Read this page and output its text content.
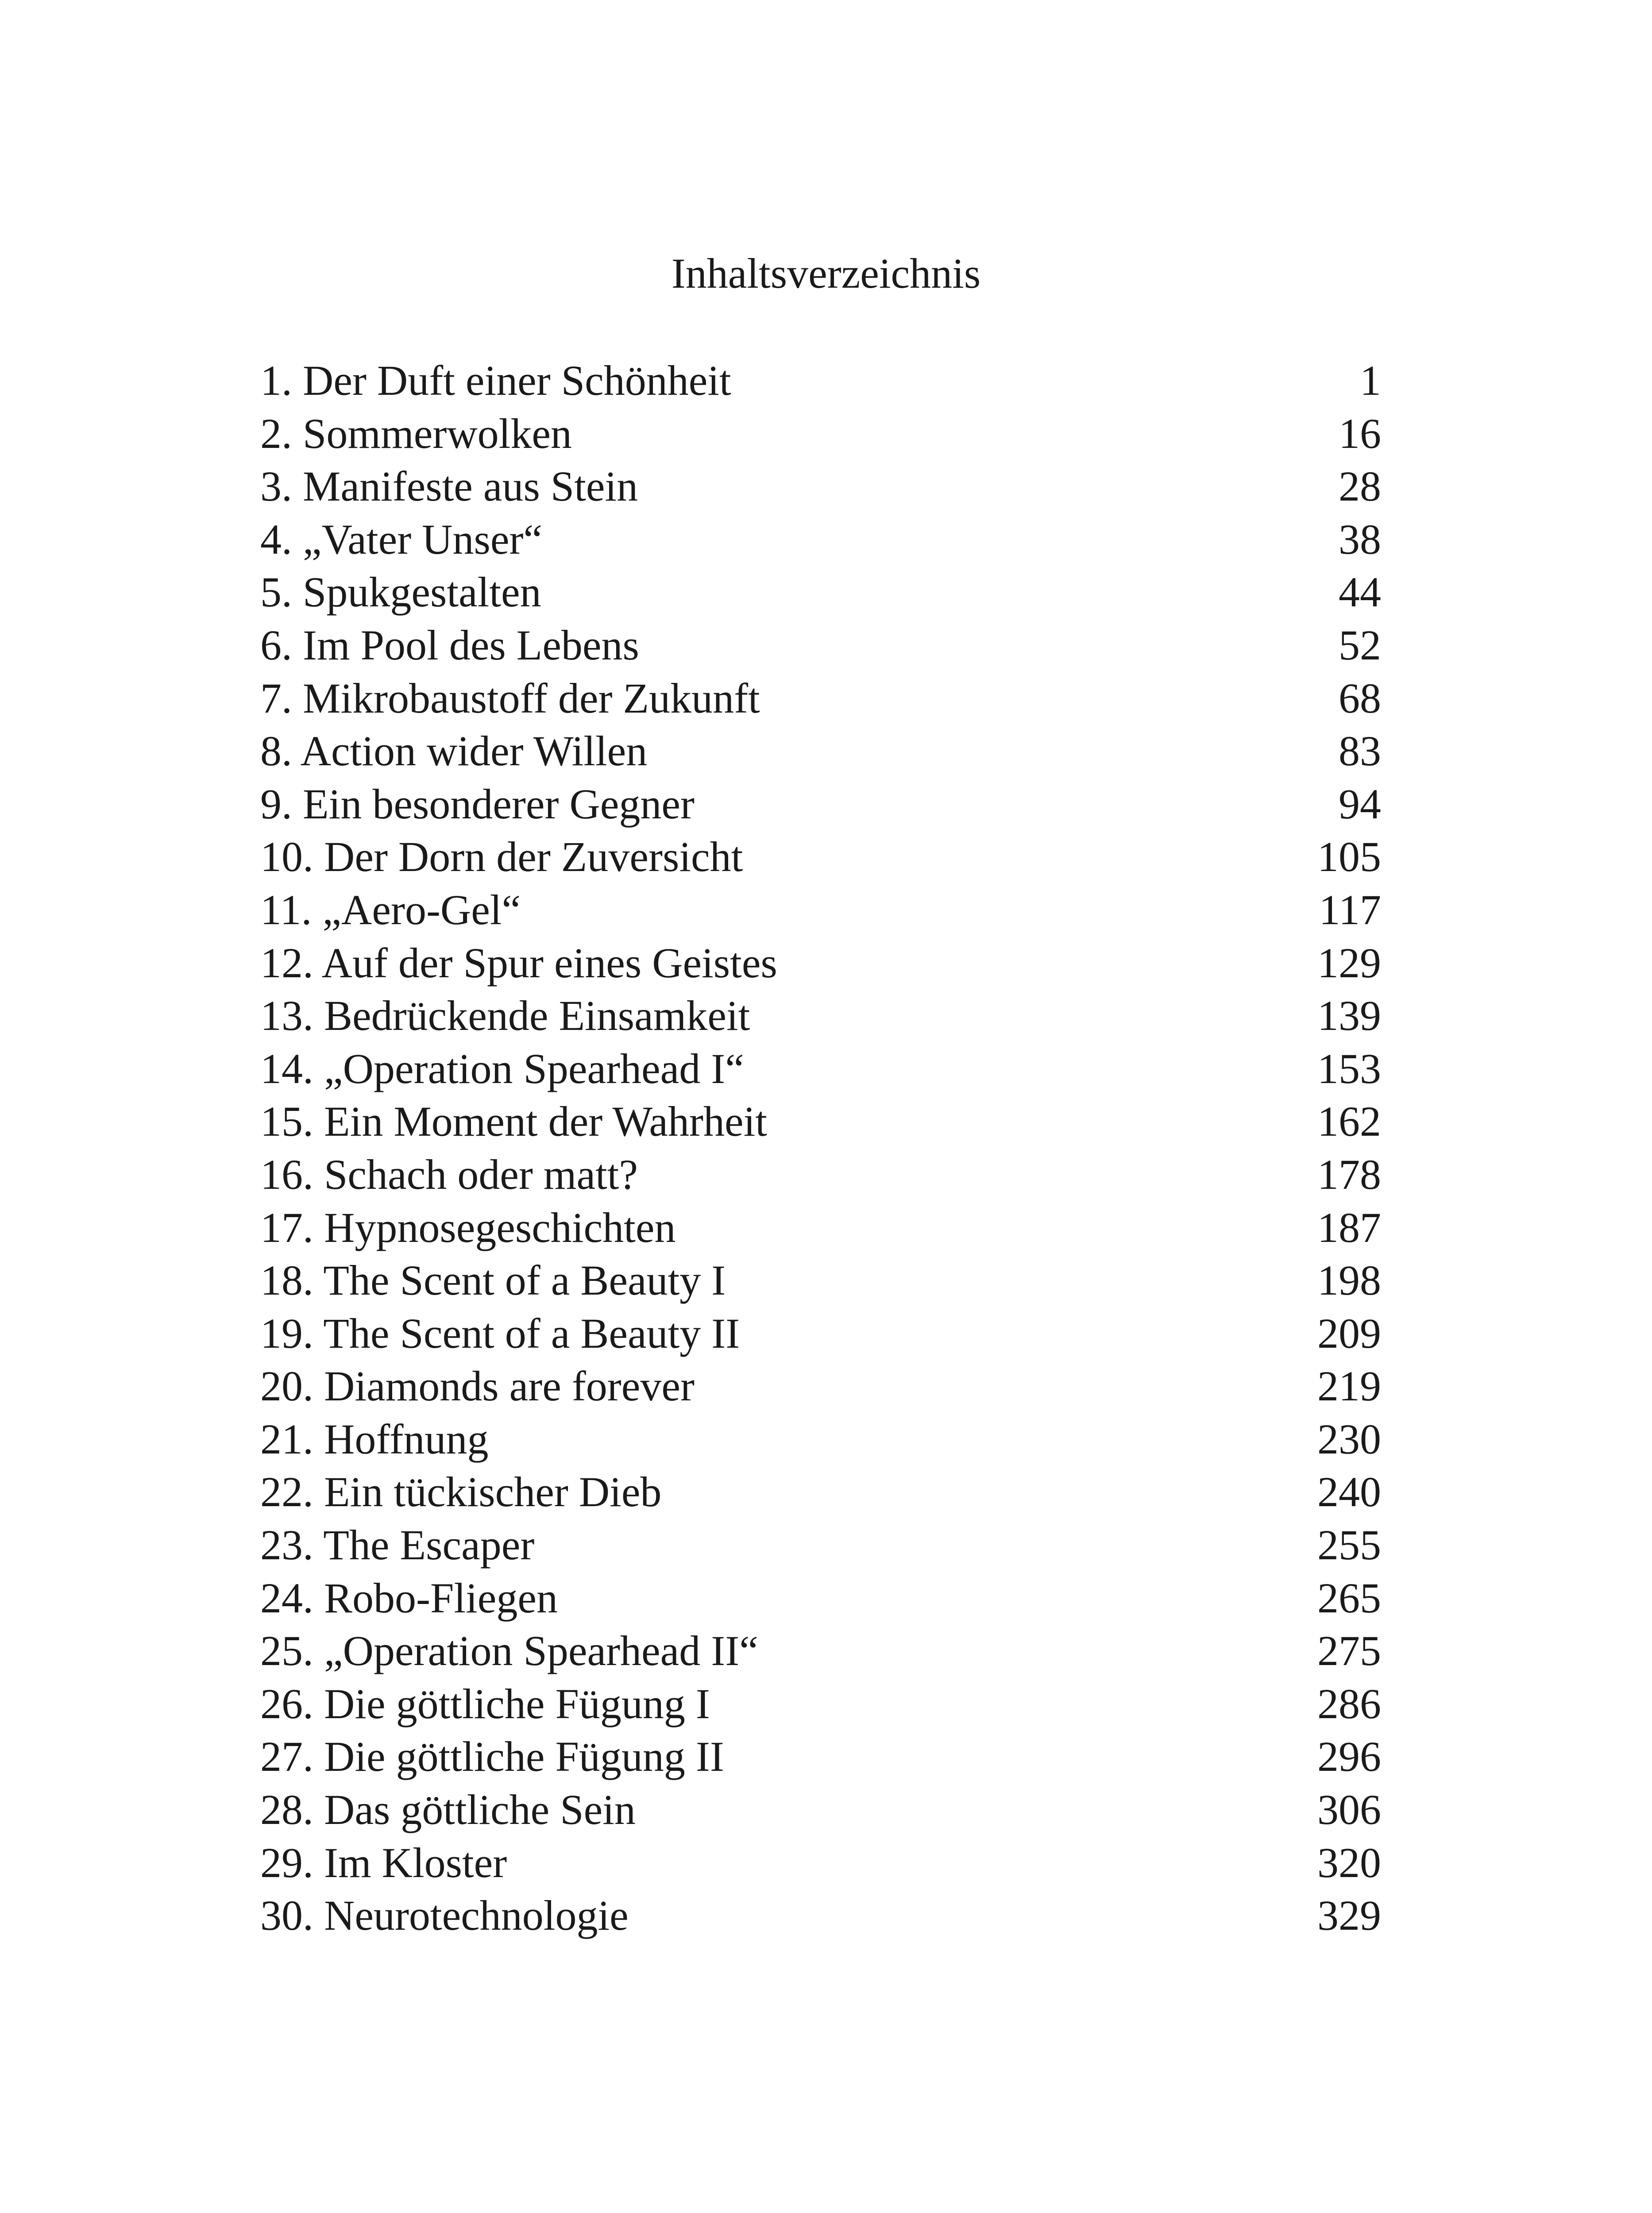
Inhaltsverzeichnis
1. Der Duft einer Schönheit	1
2. Sommerwolken	16
3. Manifeste aus Stein	28
4. „Vater Unser“	38
5. Spukgestalten	44
6. Im Pool des Lebens	52
7. Mikrobaustoff der Zukunft	68
8. Action wider Willen	83
9. Ein besonderer Gegner	94
10. Der Dorn der Zuversicht	105
11. „Aero-Gel“	117
12. Auf der Spur eines Geistes	129
13. Bedrückende Einsamkeit	139
14. „Operation Spearhead I“	153
15. Ein Moment der Wahrheit	162
16. Schach oder matt?	178
17. Hypnosegeschichten	187
18. The Scent of a Beauty I	198
19. The Scent of a Beauty II	209
20. Diamonds are forever	219
21. Hoffnung	230
22. Ein tückischer Dieb	240
23. The Escaper	255
24. Robo-Fliegen	265
25. „Operation Spearhead II“	275
26. Die göttliche Fügung I	286
27. Die göttliche Fügung II	296
28. Das göttliche Sein	306
29. Im Kloster	320
30. Neurotechnologie	329
